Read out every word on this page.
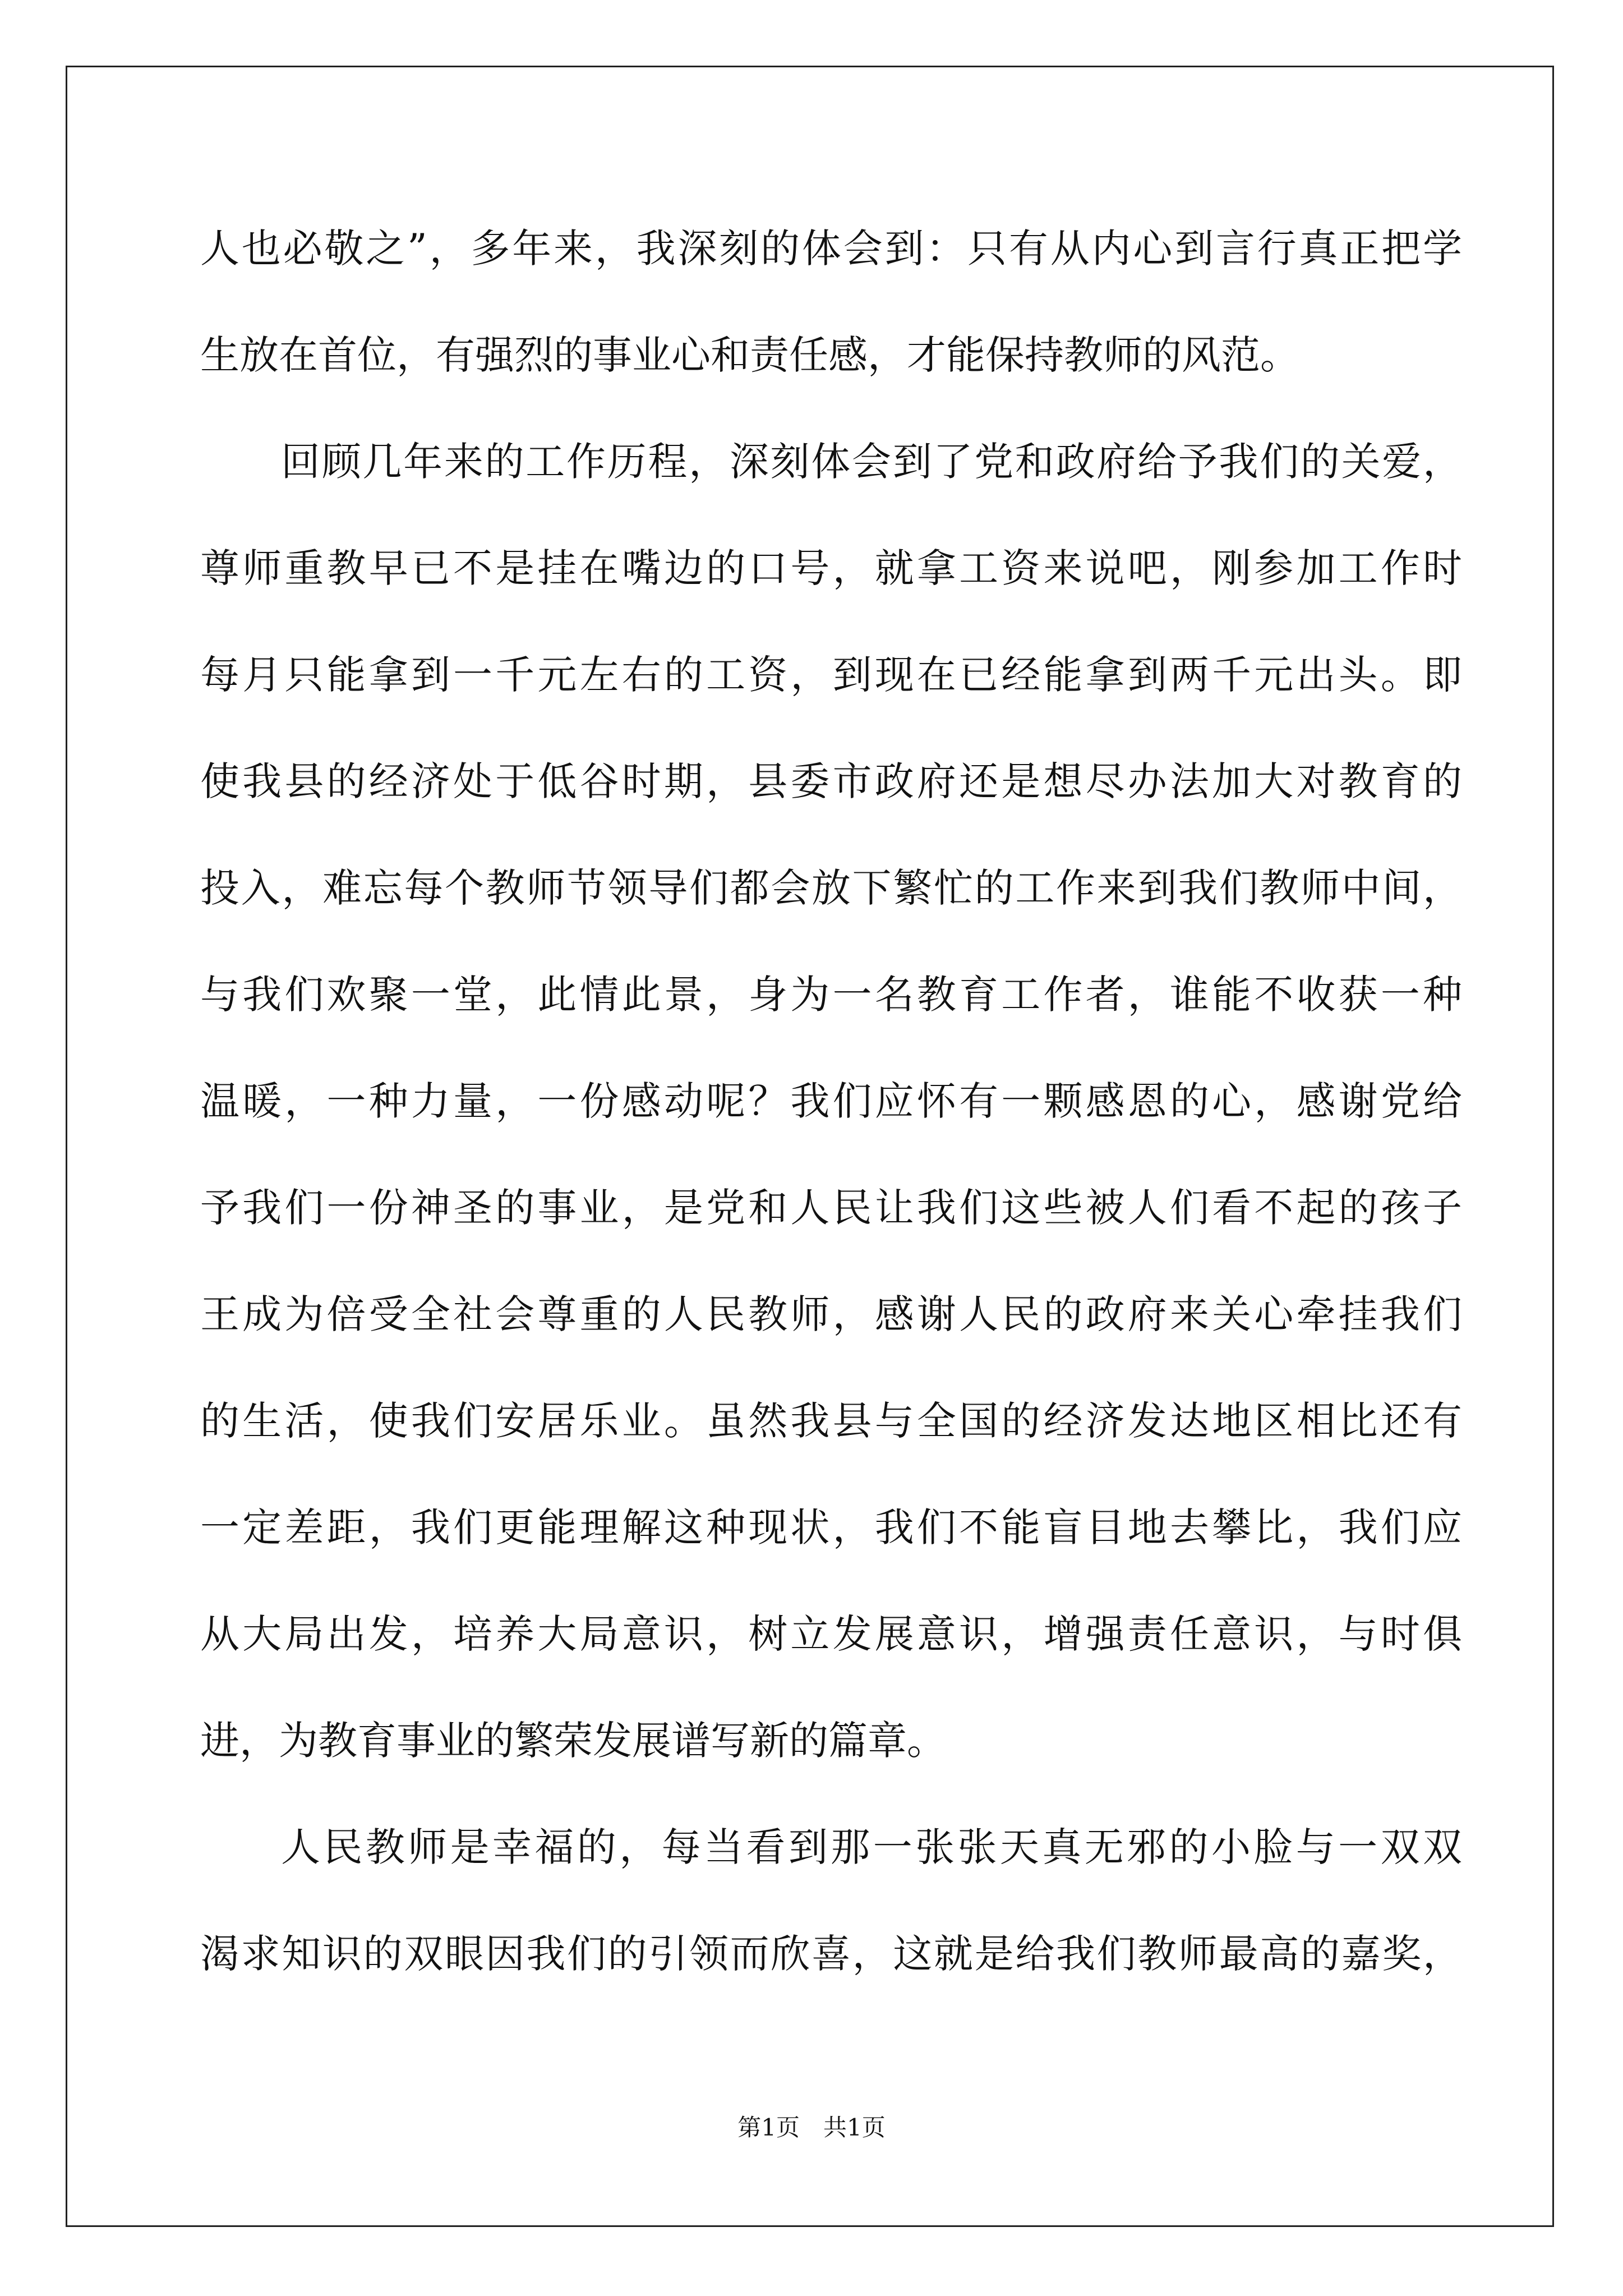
人也必敬之”，多年来，我深刻的体会到：只有从内心到言行真正把学
生放在首位，有强烈的事业心和责任感，才能保持教师的风范。
回顾几年来的工作历程，深刻体会到了党和政府给予我们的关爱，
尊师重教早已不是挂在嘴边的口号，就拿工资来说吧，刚参加工作时
每月只能拿到一千元左右的工资，到现在已经能拿到两千元出头。即
使我县的经济处于低谷时期，县委市政府还是想尽办法加大对教育的
投入，难忘每个教师节领导们都会放下繁忙的工作来到我们教师中间，
与我们欢聚一堂，此情此景，身为一名教育工作者，谁能不收获一种
温暖，一种力量，一份感动呢？我们应怀有一颗感恩的心，感谢党给
予我们一份神圣的事业，是党和人民让我们这些被人们看不起的孩子
王成为倍受全社会尊重的人民教师，感谢人民的政府来关心牵挂我们
的生活，使我们安居乐业。虽然我县与全国的经济发达地区相比还有
一定差距，我们更能理解这种现状，我们不能盲目地去攀比，我们应
从大局出发，培养大局意识，树立发展意识，增强责任意识，与时俱
进，为教育事业的繁荣发展谱写新的篇章。
人民教师是幸福的，每当看到那一张张天真无邪的小脸与一双双
渴求知识的双眼因我们的引领而欣喜，这就是给我们教师最高的嘉奖，
第1页　共1页
